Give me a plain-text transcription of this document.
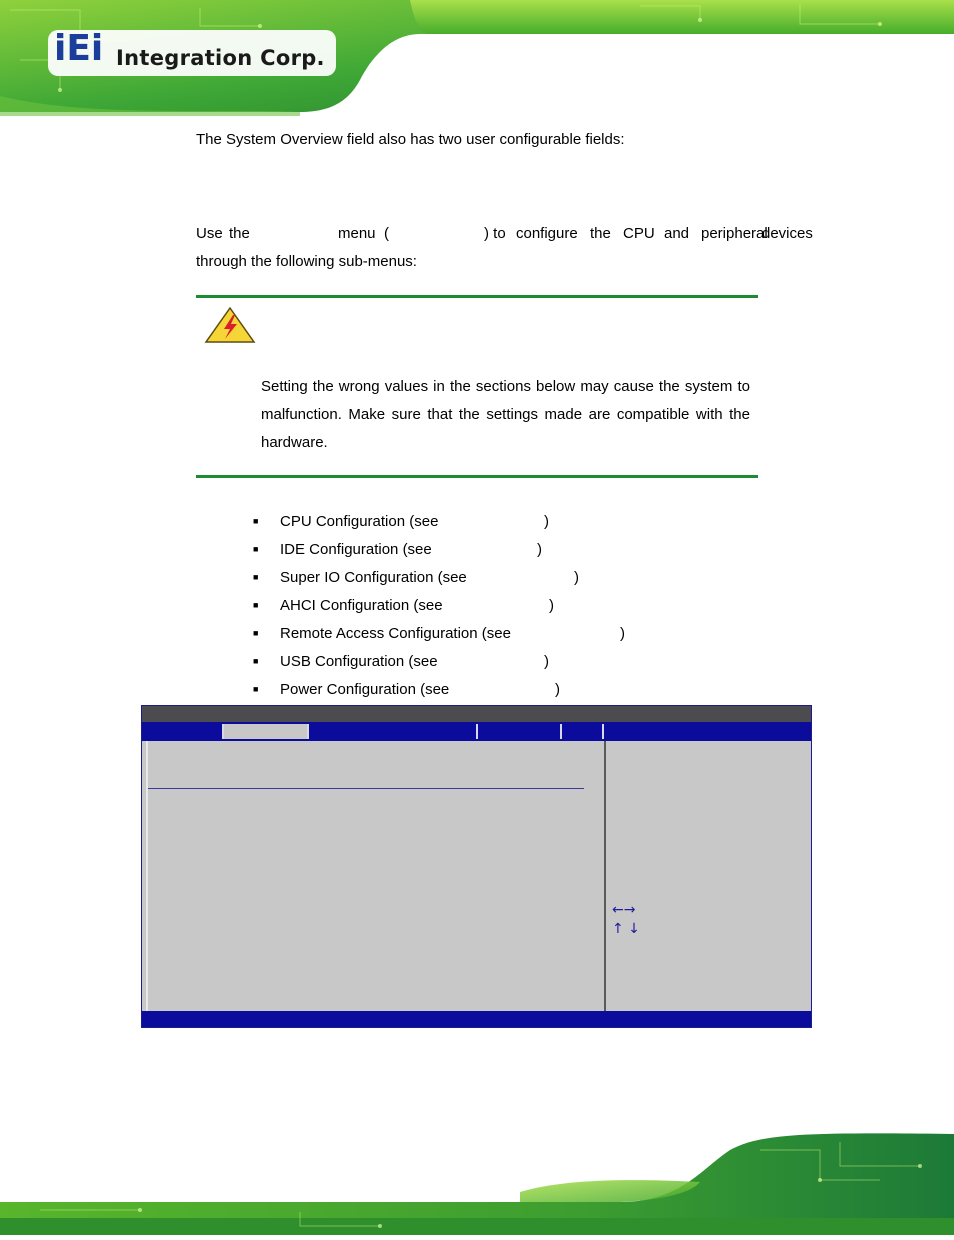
iEi Integration Corp.
The System Overview field also has two user configurable fields:
Use the	menu (	) to configure the CPU and peripheral
devices
through the following sub-menus:
Setting the wrong values in the sections below may cause the system to malfunction. Make sure that the settings made are compatible with the hardware.
■ CPU Configuration (see	)
■ IDE Configuration (see	)
■ Super IO Configuration (see	)
■ AHCI Configuration (see	)
■ Remote Access Configuration (see	)
■ USB Configuration (see	)
■ Power Configuration (see	)
←→
↑ ↓
